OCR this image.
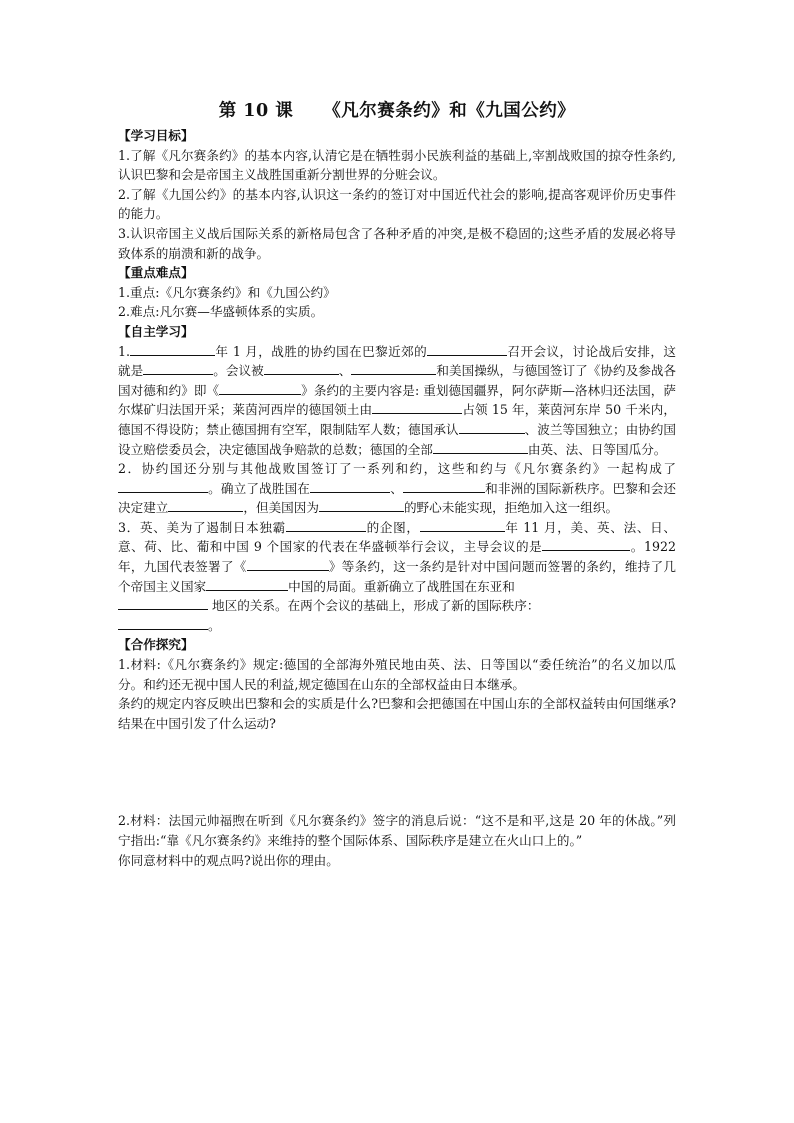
第 10 课 《凡尔赛条约》和《九国公约》
【学习目标】

1.了解《凡尔赛条约》的基本内容,认清它是在牺牲弱小民族利益的基础上,宰割战败国的掠夺性条约,认识巴黎和会是帝国主义战胜国重新分割世界的分赃会议。

2.了解《九国公约》的基本内容,认识这一条约的签订对中国近代社会的影响,提高客观评价历史事件的能力。

3.认识帝国主义战后国际关系的新格局包含了各种矛盾的冲突,是极不稳固的;这些矛盾的发展必将导致体系的崩溃和新的战争。

【重点难点】

1.重点:《凡尔赛条约》和《九国公约》

2.难点:凡尔赛—华盛顿体系的实质。

【自主学习】

1.	年 1 月，战胜的协约国在巴黎近郊的	召开会议，讨论战后安排，这就是	。会议被	、	和美国操纵，与德国签订了《协约及参战各国对德和约》即《	》条约的主要内容是: 重划德国疆界，阿尔萨斯—洛林归还法国，萨尔煤矿归法国开采；莱茵河西岸的德国领土由	占领 15 年，莱茵河东岸 50 千米内，德国不得设防；禁止德国拥有空军，限制陆军人数；德国承认	、波兰等国独立；由协约国设立赔偿委员会，决定德国战争赔款的总数；德国的全部	由英、法、日等国瓜分。

2．协约国还分别与其他战败国签订了一系列和约，这些和约与《凡尔赛条约》一起构成了。确立了战胜国在	、	和非洲的国际新秩序。巴黎和会还决定建立	，但美国因为	的野心未能实现，拒绝加入这一组织。

3．英、美为了遏制日本独霸	的企图，	年 11 月，美、英、法、日、意、荷、比、葡和中国 9 个国家的代表在华盛顿举行会议，主导会议的是	。1922 年，九国代表签署了《	》等条约，这一条约是针对中国问题而签署的条约，维持了几个帝国主义国家	中国的局面。重新确立了战胜国在东亚和
地区的关系。在两个会议的基础上，形成了新的国际秩序：
。

【合作探究】

1.材料:《凡尔赛条约》规定:德国的全部海外殖民地由英、法、日等国以“委任统治”的名义加以瓜分。和约还无视中国人民的利益,规定德国在山东的全部权益由日本继承。

条约的规定内容反映出巴黎和会的实质是什么?巴黎和会把德国在中国山东的全部权益转由何国继承?结果在中国引发了什么运动?

2.材料：法国元帅福煦在听到《凡尔赛条约》签字的消息后说：“这不是和平,这是 20 年的休战。”列宁指出:“靠《凡尔赛条约》来维持的整个国际体系、国际秩序是建立在火山口上的。”

你同意材料中的观点吗?说出你的理由。
